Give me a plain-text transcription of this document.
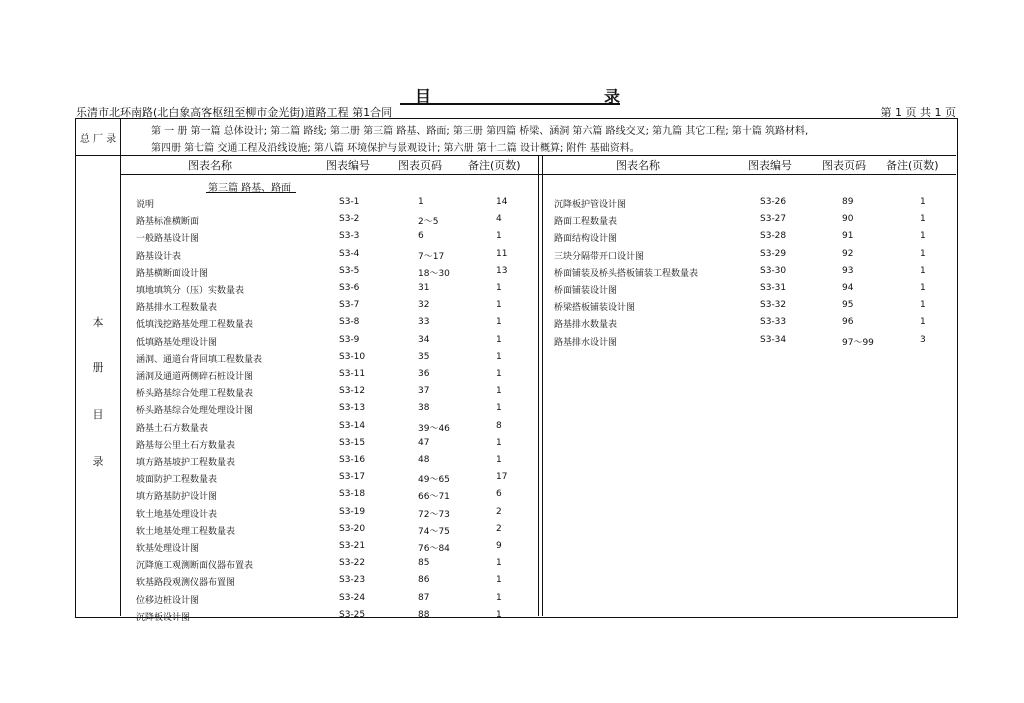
目	录
乐清市北环南路(北白象高客枢纽至柳市金光街)道路工程 第1合同	第 1 页 共 1 页
总 厂 录
第 一 册 第一篇 总体设计; 第二篇 路线; 第二册 第三篇 路基、路面; 第三册 第四篇 桥梁、涵洞 第六篇 路线交叉; 第九篇 其它工程; 第十篇 筑路材料,
第四册 第七篇 交通工程及沿线设施; 第八篇 环境保护与景观设计; 第六册 第十二篇 设计概算; 附件 基础资料。
本
册
目
录
图表名称	图表编号	图表页码 备注(页数)	图表名称	图表编号	图表页码 备注(页数)
第三篇 路基、路面
说明	S3-1	1	14
路基标准横断面	S3-2	2～5	4
一般路基设计图	S3-3	6	1
路基设计表	S3-4	7～17	11
路基横断面设计图	S3-5	18～30	13
填地填筑分（压）实数量表	S3-6	31	1
路基排水工程数量表	S3-7	32	1
低填浅挖路基处理工程数量表	S3-8	33	1
低填路基处理设计图	S3-9	34	1
涵洞、通道台背回填工程数量表	S3-10	35	1
涵洞及通道两侧碎石桩设计图	S3-11	36	1
桥头路基综合处理工程数量表	S3-12	37	1
桥头路基综合处理处理设计图	S3-13	38	1
路基土石方数量表	S3-14	39～46	8
路基每公里土石方数量表	S3-15	47	1
填方路基坡护工程数量表	S3-16	48	1
坡面防护工程数量表	S3-17	49～65	17
填方路基防护设计图	S3-18	66～71	6
软土地基处理设计表	S3-19	72～73	2
软土地基处理工程数量表	S3-20	74～75	2
软基处理设计图	S3-21	76～84	9
沉降施工观测断面仪器布置表	S3-22	85	1
软基路段观测仪器布置图	S3-23	86	1
位移边桩设计图	S3-24	87	1
沉降板设计图	S3-25	88	1
沉降板护管设计图	S3-26	89	1
路面工程数量表	S3-27	90	1
路面结构设计图	S3-28	91	1
三块分隔带开口设计图	S3-29	92	1
桥面铺装及桥头搭板铺装工程数量表	S3-30	93	1
桥面铺装设计图	S3-31	94	1
桥梁搭板铺装设计图	S3-32	95	1
路基排水数量表	S3-33	96	1
路基排水设计图	S3-34	97～99	3
